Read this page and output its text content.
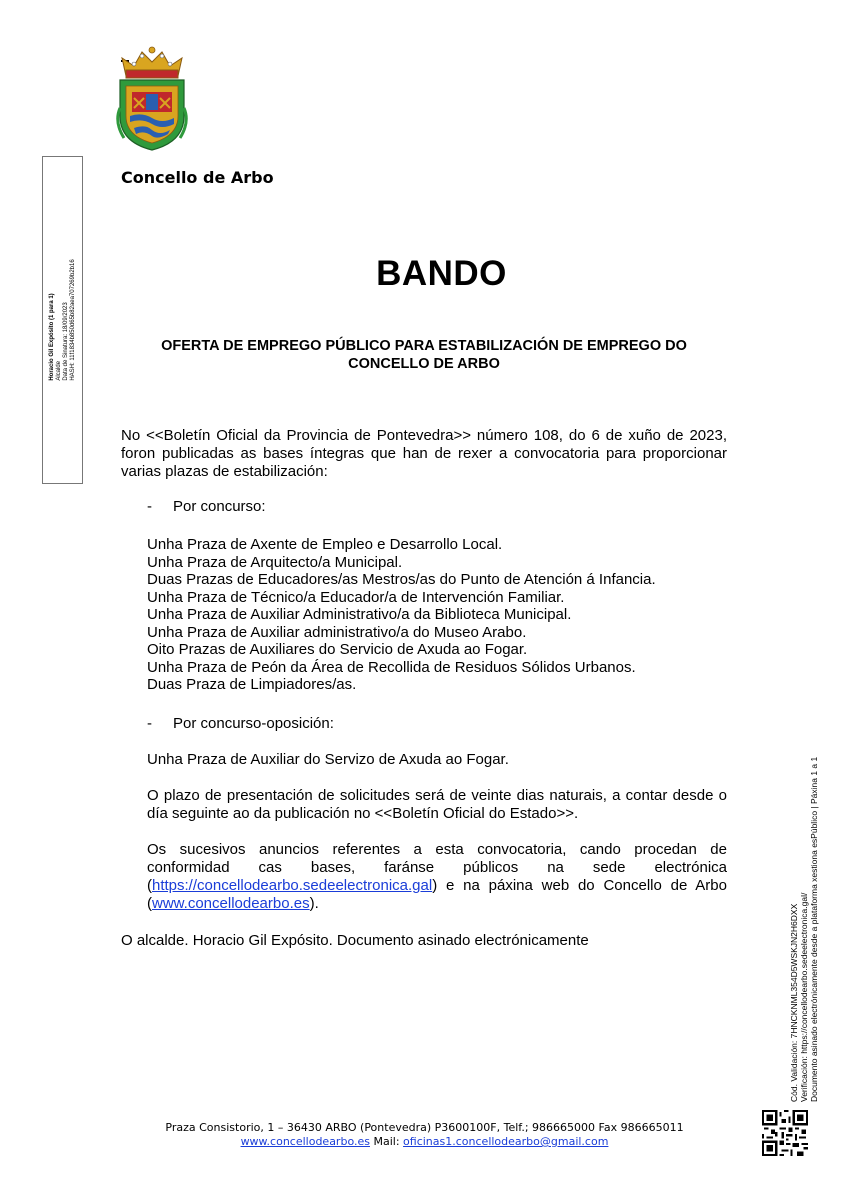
Concello de Arbo
Horacio Gil Expósito (1 para 1) Alcalde Data de Sinatura: 18/09/2023 HASH: 11f1834b850d65b82aea707269b2b16	BANDO
OFERTA DE EMPREGO PÚBLICO PARA ESTABILIZACIÓN DE EMPREGO DO CONCELLO DE ARBO
No <<Boletín Oficial da Provincia de Pontevedra>> número 108, do 6 de xuño de 2023, foron publicadas as bases íntegras que han de rexer a convocatoria para proporcionar varias plazas de estabilización:
- Por concurso:
Unha Praza de Axente de Empleo e Desarrollo Local.
Unha Praza de Arquitecto/a Municipal.
Duas Prazas de Educadores/as Mestros/as do Punto de Atención á Infancia.
Unha Praza de Técnico/a Educador/a de Intervención Familiar.
Unha Praza de Auxiliar Administrativo/a da Biblioteca Municipal.
Unha Praza de Auxiliar administrativo/a do Museo Arabo.
Oito Prazas de Auxiliares do Servicio de Axuda ao Fogar.
Unha Praza de Peón da Área de Recollida de Residuos Sólidos Urbanos.
Duas Praza de Limpiadores/as.
- Por concurso-oposición:
Unha Praza de Auxiliar do Servizo de Axuda ao Fogar.
O plazo de presentación de solicitudes será de veinte dias naturais, a contar desde o día seguinte ao da publicación no <<Boletín Oficial do Estado>>.
Os sucesivos anuncios referentes a esta convocatoria, cando procedan de conformidad cas bases, faránse públicos na sede electrónica (https://concellodearbo.sedeelectronica.gal) e na páxina web do Concello de Arbo (www.concellodearbo.es).
O alcalde. Horacio Gil Expósito. Documento asinado electrónicamente	Cód. Validación: 7HNCKNML354D5WSKJN2H6DXX Verificación: https://concellodearbo.sedeelectronica.gal/ Documento asinado electrónicamente desde a plataforma xestiona esPúblico | Páxina 1 a 1
Praza Consistorio, 1 – 36430 ARBO (Pontevedra) P3600100F, Telf.; 986665000 Fax 986665011
www.concellodearbo.es Mail: oficinas1.concellodearbo@gmail.com
